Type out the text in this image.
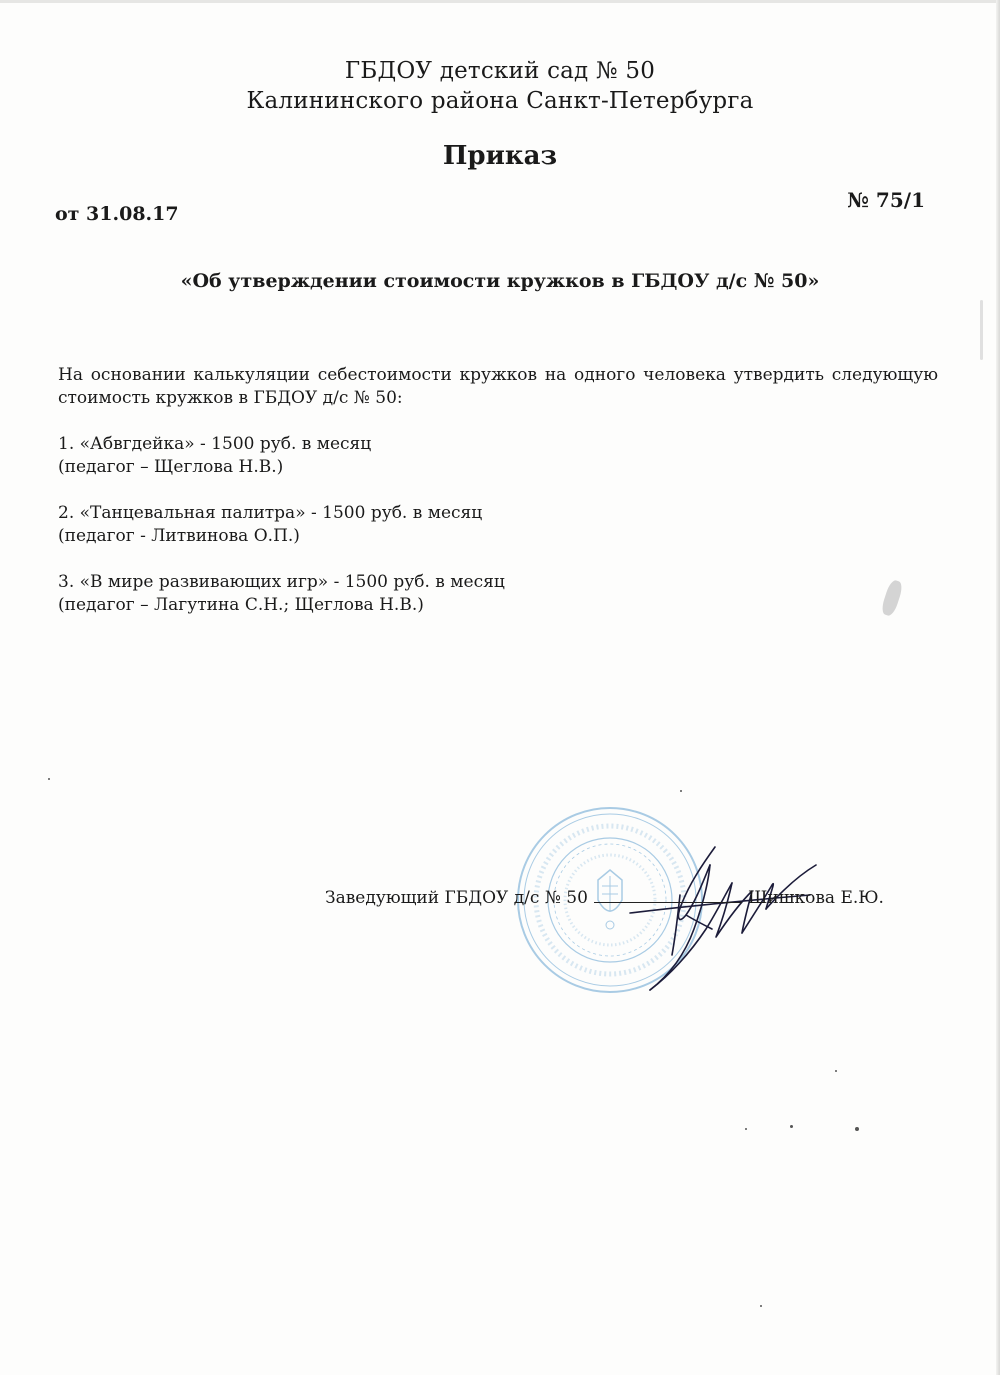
ГБДОУ детский сад № 50
Калининского района Санкт-Петербурга
Приказ
от 31.08.17
№ 75/1
«Об утверждении стоимости кружков в ГБДОУ д/с № 50»
На основании калькуляции себестоимости кружков на одного человека утвердить следующую стоимость кружков в ГБДОУ д/с № 50:
1. «Абвгдейка» - 1500 руб. в месяц
(педагог – Щеглова Н.В.)
2. «Танцевальная палитра» - 1500 руб. в месяц
(педагог - Литвинова О.П.)
3. «В мире развивающих игр» - 1500 руб. в месяц
(педагог – Лагутина С.Н.; Щеглова Н.В.)
Заведующий ГБДОУ д/с № 50	Шишкова Е.Ю.
